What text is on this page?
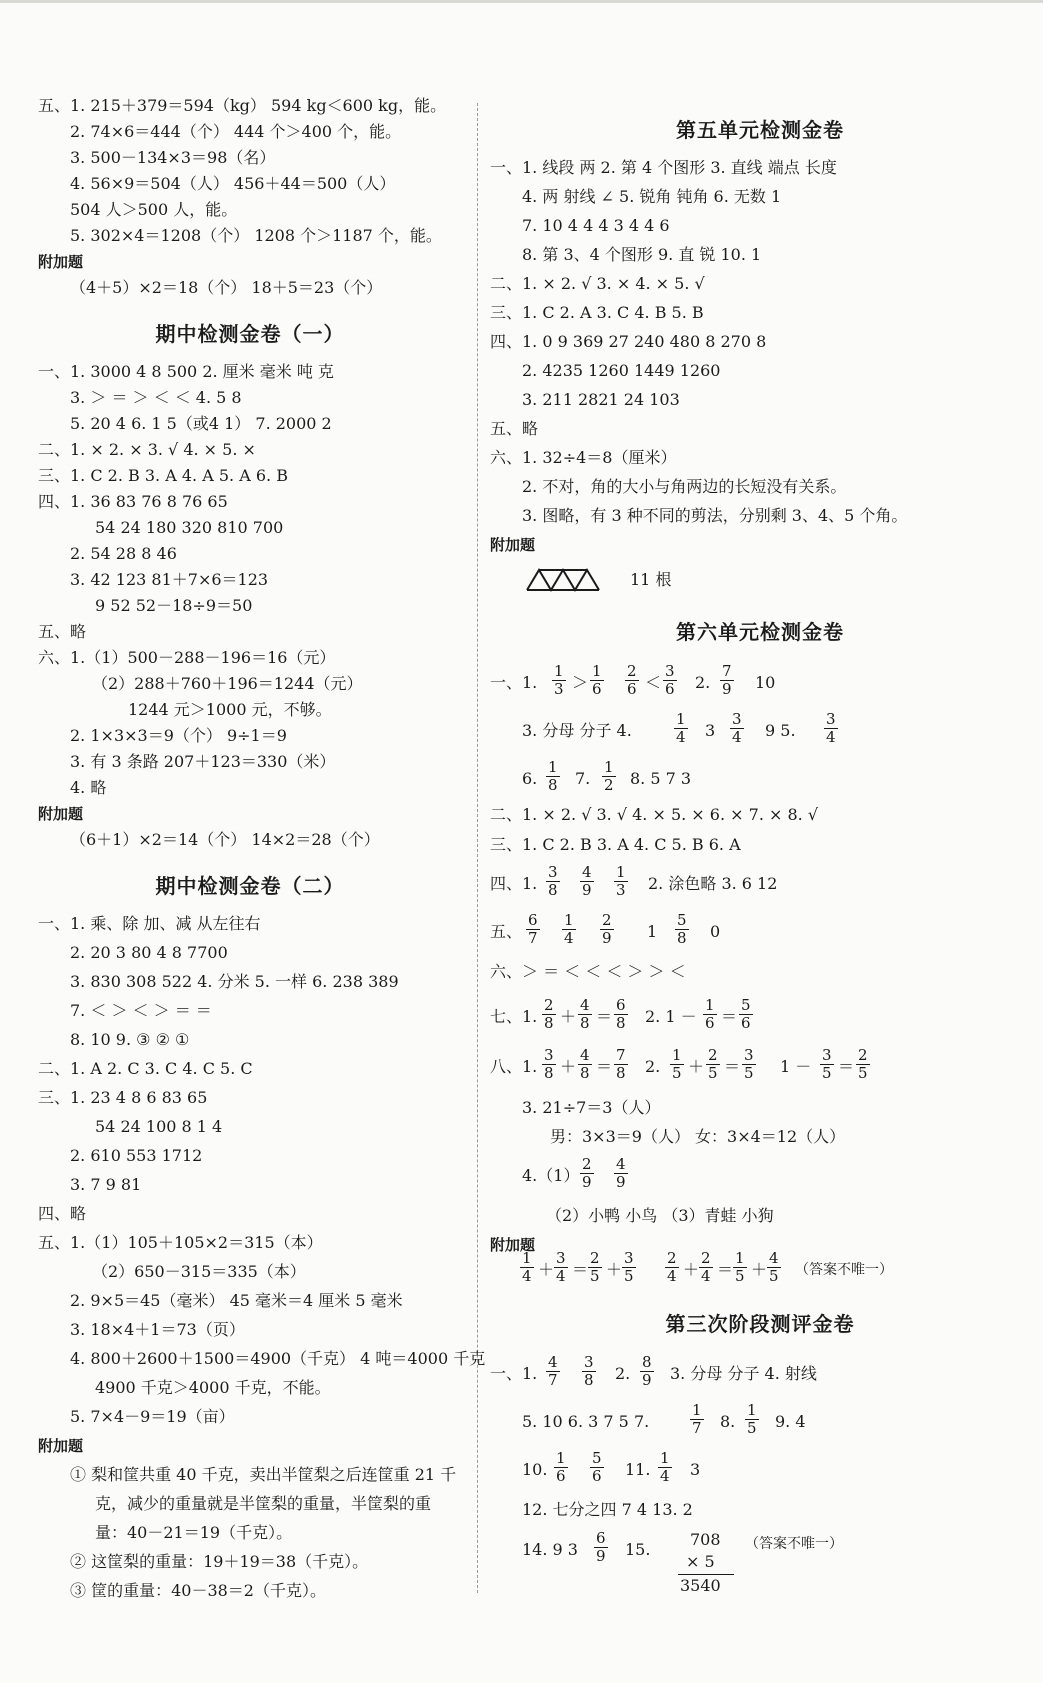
五、1. 215＋379＝594（kg） 594 kg＜600 kg，能。
2. 74×6＝444（个） 444 个＞400 个，能。
3. 500－134×3＝98（名）
4. 56×9＝504（人） 456＋44＝500（人）
504 人＞500 人，能。
5. 302×4＝1208（个） 1208 个＞1187 个，能。
附加题
（4＋5）×2＝18（个） 18＋5＝23（个）
期中检测金卷（一）
一、1. 3000 4 8 500 2. 厘米 毫米 吨 克
3. ＞ ＝ ＞ ＜ ＜ 4. 5 8
5. 20 4 6. 1 5（或4 1） 7. 2000 2
二、1. × 2. × 3. √ 4. × 5. ×
三、1. C 2. B 3. A 4. A 5. A 6. B
四、1. 36 83 76 8 76 65
54 24 180 320 810 700
2. 54 28 8 46
3. 42 123 81＋7×6＝123
9 52 52－18÷9＝50
五、略
六、1.（1）500－288－196＝16（元）
（2）288＋760＋196＝1244（元）
1244 元＞1000 元，不够。
2. 1×3×3＝9（个） 9÷1＝9
3. 有 3 条路 207＋123＝330（米）
4. 略
附加题
（6＋1）×2＝14（个） 14×2＝28（个）
期中检测金卷（二）
一、1. 乘、除 加、减 从左往右
2. 20 3 80 4 8 7700
3. 830 308 522 4. 分米 5. 一样 6. 238 389
7. ＜ ＞ ＜ ＞ ＝ ＝
8. 10 9. ③ ② ①
二、1. A 2. C 3. C 4. C 5. C
三、1. 23 4 8 6 83 65
54 24 100 8 1 4
2. 610 553 1712
3. 7 9 81
四、略
五、1.（1）105＋105×2＝315（本）
（2）650－315＝335（本）
2. 9×5＝45（毫米） 45 毫米＝4 厘米 5 毫米
3. 18×4＋1＝73（页）
4. 800＋2600＋1500＝4900（千克） 4 吨＝4000 千克
4900 千克＞4000 千克，不能。
5. 7×4－9＝19（亩）
附加题
① 梨和筐共重 40 千克，卖出半筐梨之后连筐重 21 千
克，减少的重量就是半筐梨的重量，半筐梨的重
量：40－21＝19（千克）。
② 这筐梨的重量：19＋19＝38（千克）。
③ 筐的重量：40－38＝2（千克）。
第五单元检测金卷
一、1. 线段 两 2. 第 4 个图形 3. 直线 端点 长度
4. 两 射线 ∠ 5. 锐角 钝角 6. 无数 1
7. 10 4 4 4 3 4 4 6
8. 第 3、4 个图形 9. 直 锐 10. 1
二、1. × 2. √ 3. × 4. × 5. √
三、1. C 2. A 3. C 4. B 5. B
四、1. 0 9 369 27 240 480 8 270 8
2. 4235 1260 1449 1260
3. 211 2821 24 103
五、略
六、1. 32÷4＝8（厘米）
2. 不对，角的大小与角两边的长短没有关系。
3. 图略，有 3 种不同的剪法，分别剩 3、4、5 个角。
附加题
11 根
第六单元检测金卷
一、1. $\frac{1}{3} > \frac{1}{6} \frac{2}{6} < \frac{3}{6} 2$. $\frac{7}{9} 10$
3. 分母 分子 4.	$\frac{1}{4} 3 \frac{3}{4} 9$ 5. $\frac{3}{4}$
6. $\frac{1}{8} 7$. $\frac{1}{2} 8$. 5 7 3
二、1. × 2. √ 3. √ 4. × 5. × 6. × 7. × 8. √
三、1. C 2. B 3. A 4. C 5. B 6. A
四、1. $\frac{3}{8} \frac{4}{9} \frac{1}{3} 2$. 涂色略 3. 6 12
五、 $\frac{6}{7} \frac{1}{4} \frac{2}{9} 1 \frac{5}{8} 0$
六、＞ ＝ ＜ ＜ ＜ ＞ ＞ ＜
七、1. $\frac{2}{8} + \frac{4}{8} = \frac{6}{8} 2$. $1 - \frac{1}{6} = \frac{5}{6}$
八、1. $\frac{3}{8} + \frac{4}{8} = \frac{7}{8} 2$. $\frac{1}{5} + \frac{2}{5} = \frac{3}{5} 1 - \frac{3}{5} = \frac{2}{5}$
3. 21÷7＝3（人）
男：3×3＝9（人） 女：3×4＝12（人）
$4.(1) \frac{2}{9} \frac{4}{9}$
（2）小鸭 小鸟 （3）青蛙 小狗
附加题
$\frac{1}{4} + \frac{3}{4} = \frac{2}{5} + \frac{3}{5} \frac{2}{4} + \frac{2}{4} = \frac{1}{5} + \frac{4}{5}$ （答案不唯一）
第三次阶段测评金卷
一、1. $\frac{4}{7} \frac{3}{8} 2$. $\frac{8}{9} 3$. 分母 分子 4. 射线
5. 10 6. 3 7 5 7.	$\frac{1}{7} 8$. $\frac{1}{5} 9$. 4
10. $\frac{1}{6} \frac{5}{6} 11$. $\frac{1}{4} 3$
12. 七分之四 7 4 13. 2
14. 9 $3 \frac{6}{9} 15$.
708 （答案不唯一）
× 5
3540
